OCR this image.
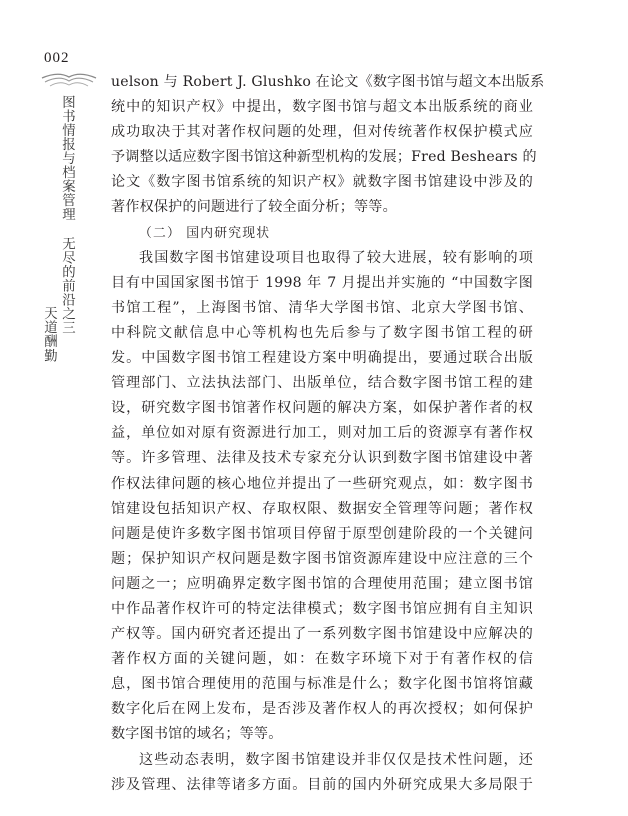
002
图书情报与档案管理 无尽的前沿之三
天道酬勤
uelson 与 Robert J. Glushko 在论文《数字图书馆与超文本出版系
统中的知识产权》中提出，数字图书馆与超文本出版系统的商业
成功取决于其对著作权问题的处理，但对传统著作权保护模式应
予调整以适应数字图书馆这种新型机构的发展；Fred Beshears 的
论文《数字图书馆系统的知识产权》就数字图书馆建设中涉及的
著作权保护的问题进行了较全面分析；等等。
（二） 国内研究现状
我国数字图书馆建设项目也取得了较大进展，较有影响的项
目有中国国家图书馆于 1998 年 7 月提出并实施的 “中国数字图
书馆工程”，上海图书馆、清华大学图书馆、北京大学图书馆、
中科院文献信息中心等机构也先后参与了数字图书馆工程的研
发。中国数字图书馆工程建设方案中明确提出，要通过联合出版
管理部门、立法执法部门、出版单位，结合数字图书馆工程的建
设，研究数字图书馆著作权问题的解决方案，如保护著作者的权
益，单位如对原有资源进行加工，则对加工后的资源享有著作权
等。许多管理、法律及技术专家充分认识到数字图书馆建设中著
作权法律问题的核心地位并提出了一些研究观点，如：数字图书
馆建设包括知识产权、存取权限、数据安全管理等问题；著作权
问题是使许多数字图书馆项目停留于原型创建阶段的一个关键问
题；保护知识产权问题是数字图书馆资源库建设中应注意的三个
问题之一；应明确界定数字图书馆的合理使用范围；建立图书馆
中作品著作权许可的特定法律模式；数字图书馆应拥有自主知识
产权等。国内研究者还提出了一系列数字图书馆建设中应解决的
著作权方面的关键问题，如：在数字环境下对于有著作权的信
息，图书馆合理使用的范围与标准是什么；数字化图书馆将馆藏
数字化后在网上发布，是否涉及著作权人的再次授权；如何保护
数字图书馆的域名；等等。
这些动态表明，数字图书馆建设并非仅仅是技术性问题，还
涉及管理、法律等诸多方面。目前的国内外研究成果大多局限于
